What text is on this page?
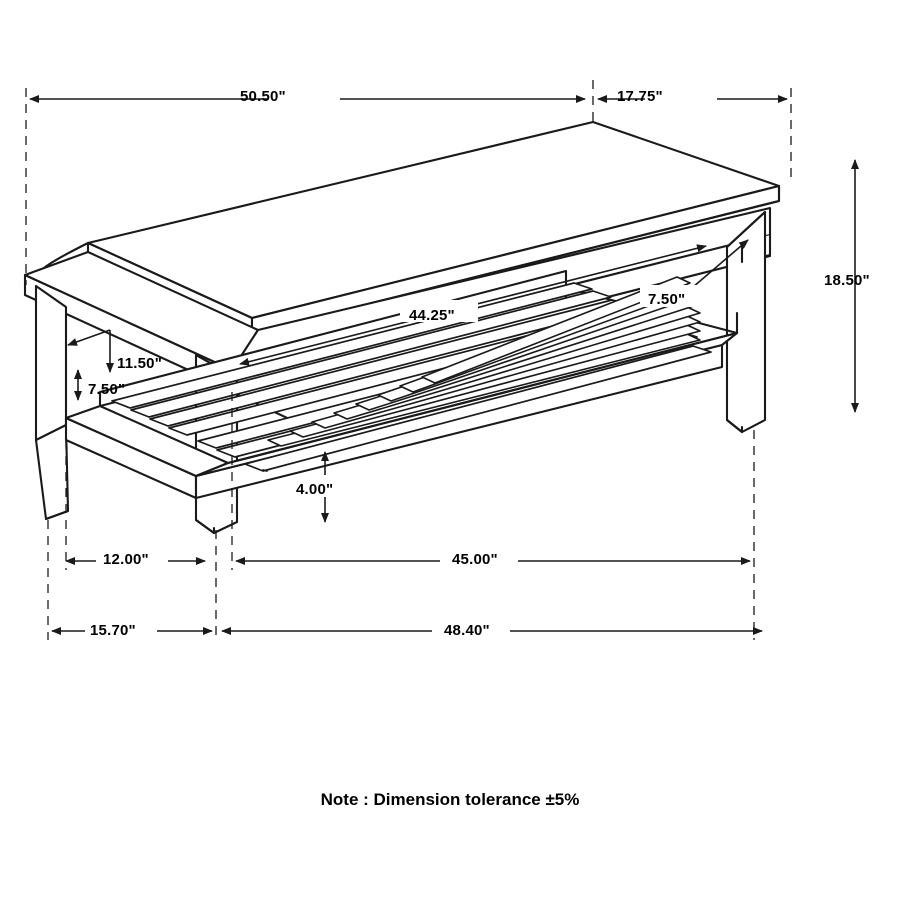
50.50"	17.75"
18.50"
7.50"
44.25"
11.50"
7.50"
4.00"
12.00"	45.00"
15.70"	48.40"
Note : Dimension tolerance ±5%
